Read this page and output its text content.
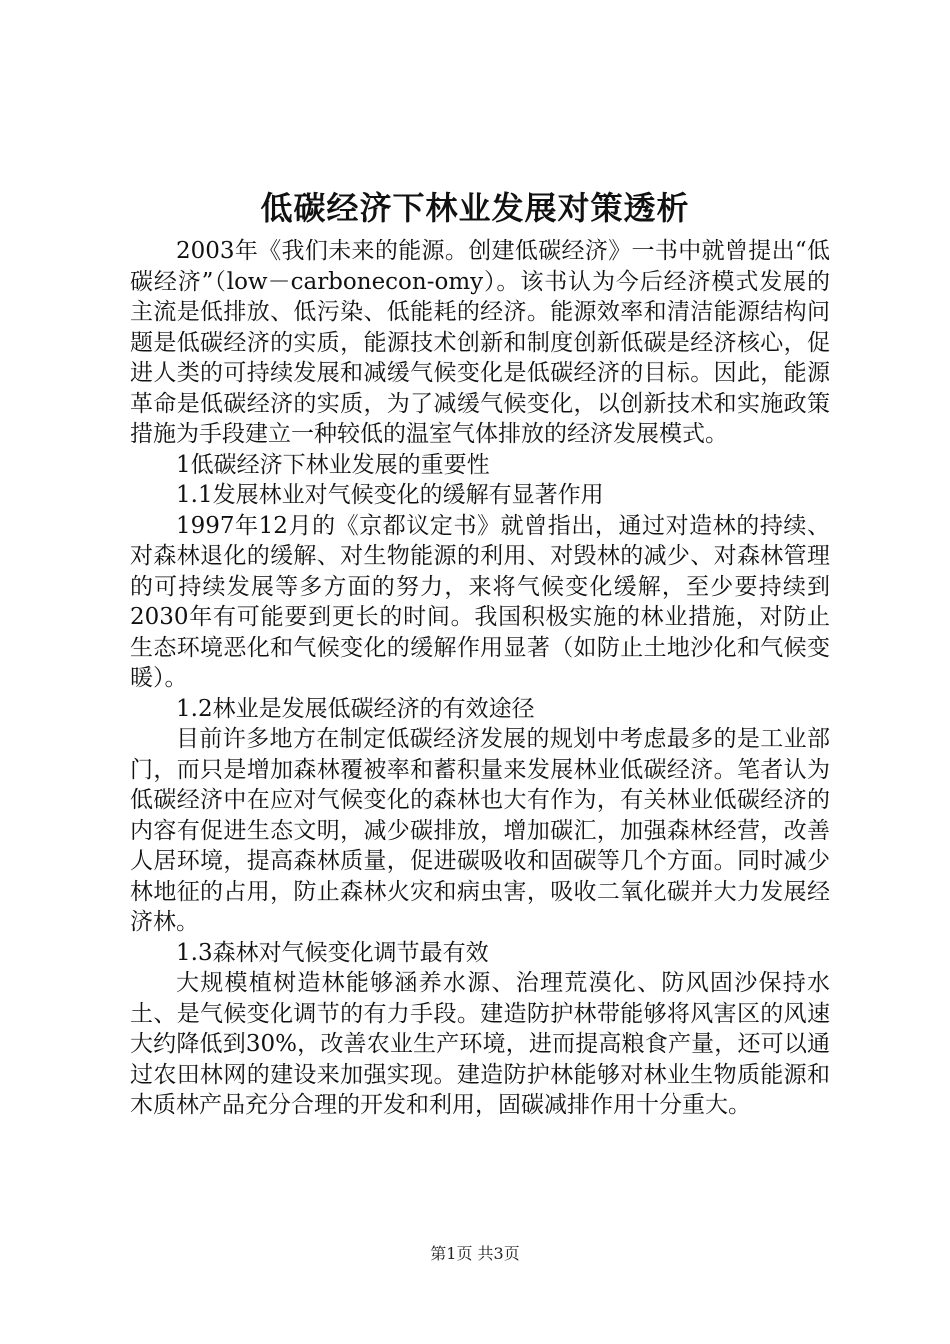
低碳经济下林业发展对策透析

2003年《我们未来的能源。创建低碳经济》一书中就曾提出“低碳经济”（low－carbonecon-omy）。该书认为今后经济模式发展的主流是低排放、低污染、低能耗的经济。能源效率和清洁能源结构问题是低碳经济的实质，能源技术创新和制度创新低碳是经济核心，促进人类的可持续发展和减缓气候变化是低碳经济的目标。因此，能源革命是低碳经济的实质，为了减缓气候变化，以创新技术和实施政策措施为手段建立一种较低的温室气体排放的经济发展模式。

1低碳经济下林业发展的重要性

1.1发展林业对气候变化的缓解有显著作用

1997年12月的《京都议定书》就曾指出，通过对造林的持续、对森林退化的缓解、对生物能源的利用、对毁林的减少、对森林管理的可持续发展等多方面的努力，来将气候变化缓解，至少要持续到2030年有可能要到更长的时间。我国积极实施的林业措施，对防止生态环境恶化和气候变化的缓解作用显著（如防止土地沙化和气候变暖）。

1.2林业是发展低碳经济的有效途径

目前许多地方在制定低碳经济发展的规划中考虑最多的是工业部门，而只是增加森林覆被率和蓄积量来发展林业低碳经济。笔者认为低碳经济中在应对气候变化的森林也大有作为，有关林业低碳经济的内容有促进生态文明，减少碳排放，增加碳汇，加强森林经营，改善人居环境，提高森林质量，促进碳吸收和固碳等几个方面。同时减少林地征的占用，防止森林火灾和病虫害，吸收二氧化碳并大力发展经济林。

1.3森林对气候变化调节最有效

大规模植树造林能够涵养水源、治理荒漠化、防风固沙保持水土、是气候变化调节的有力手段。建造防护林带能够将风害区的风速大约降低到30%，改善农业生产环境，进而提高粮食产量，还可以通过农田林网的建设来加强实现。建造防护林能够对林业生物质能源和木质林产品充分合理的开发和利用，固碳减排作用十分重大。

第1页 共3页
